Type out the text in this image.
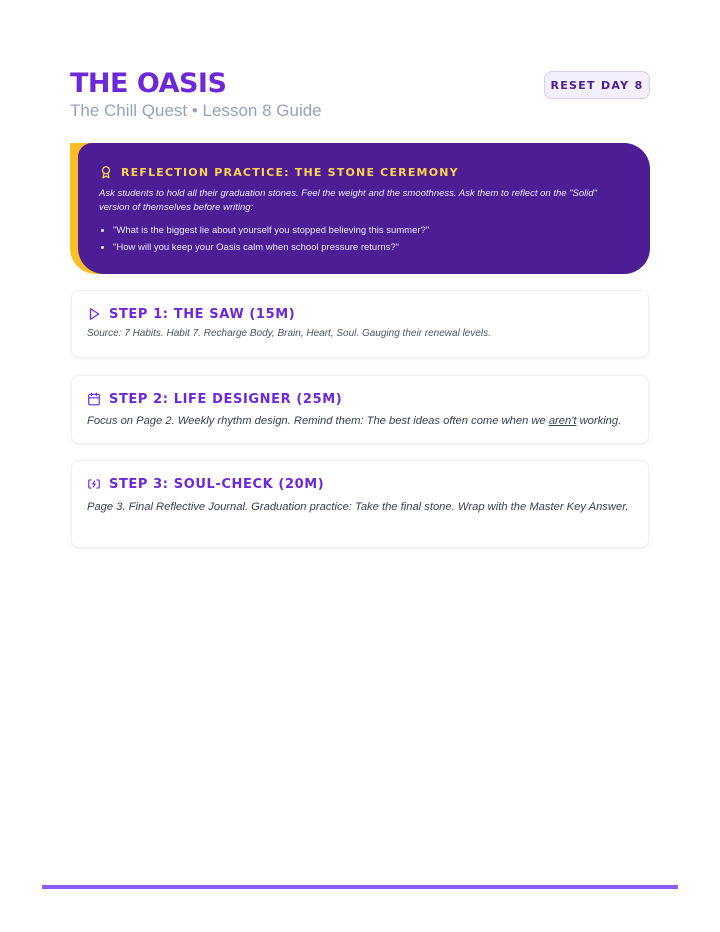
THE OASIS
The Chill Quest • Lesson 8 Guide
RESET DAY 8
REFLECTION PRACTICE: THE STONE CEREMONY
Ask students to hold all their graduation stones. Feel the weight and the smoothness. Ask them to reflect on the "Solid" version of themselves before writing:
• "What is the biggest lie about yourself you stopped believing this summer?"
• "How will you keep your Oasis calm when school pressure returns?"
STEP 1: THE SAW (15M)
Source: 7 Habits. Habit 7. Recharge Body, Brain, Heart, Soul. Gauging their renewal levels.
STEP 2: LIFE DESIGNER (25M)
Focus on Page 2. Weekly rhythm design. Remind them: The best ideas often come when we aren't working.
STEP 3: SOUL-CHECK (20M)
Page 3. Final Reflective Journal. Graduation practice: Take the final stone. Wrap with the Master Key Answer.
